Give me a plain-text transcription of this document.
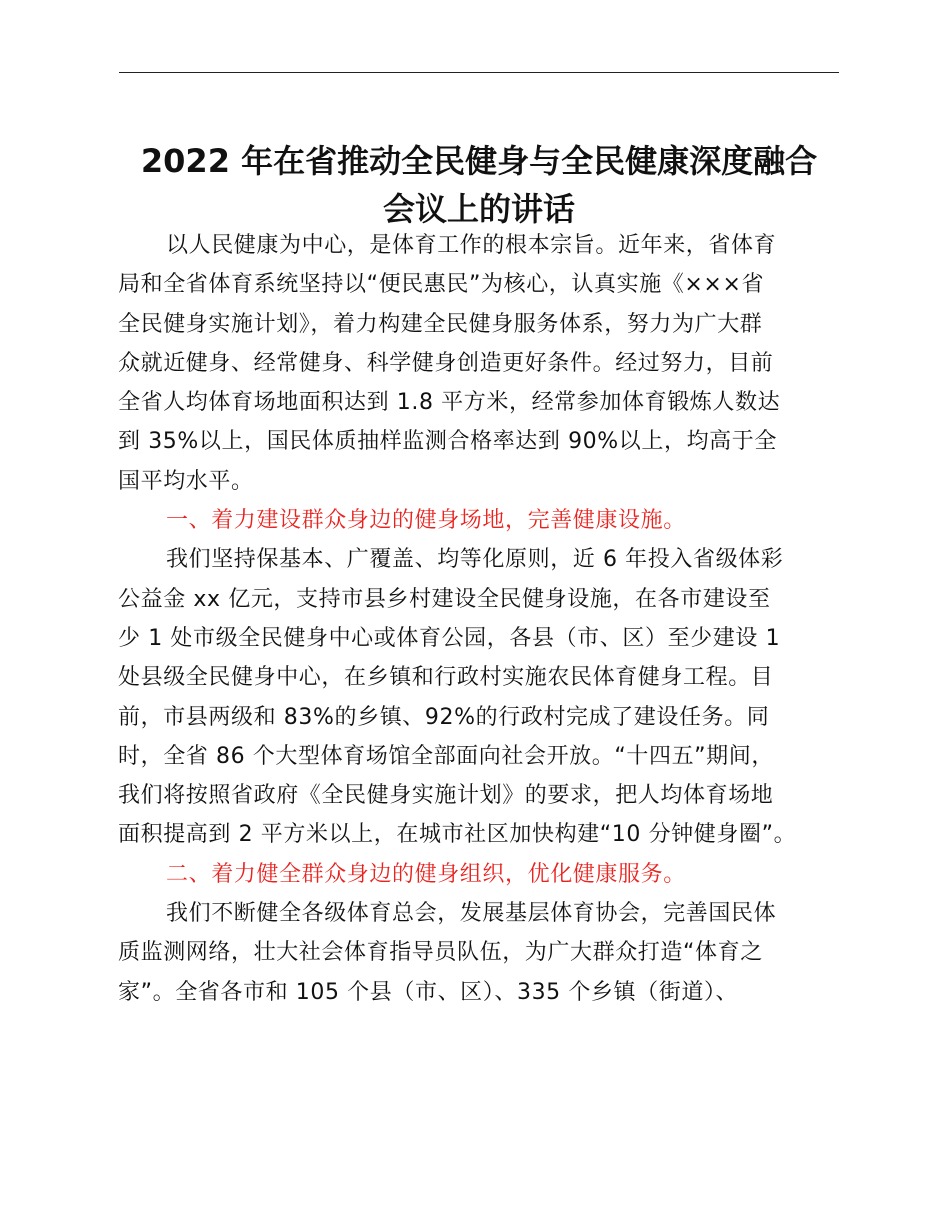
2022 年在省推动全民健身与全民健康深度融合
会议上的讲话
以人民健康为中心，是体育工作的根本宗旨。近年来，省体育
局和全省体育系统坚持以“便民惠民”为核心，认真实施《×××省
全民健身实施计划》，着力构建全民健身服务体系，努力为广大群
众就近健身、经常健身、科学健身创造更好条件。经过努力，目前
全省人均体育场地面积达到 1.8 平方米，经常参加体育锻炼人数达
到 35%以上，国民体质抽样监测合格率达到 90%以上，均高于全
国平均水平。
一、着力建设群众身边的健身场地，完善健康设施。
我们坚持保基本、广覆盖、均等化原则，近 6 年投入省级体彩
公益金 xx 亿元，支持市县乡村建设全民健身设施，在各市建设至
少 1 处市级全民健身中心或体育公园，各县（市、区）至少建设 1
处县级全民健身中心，在乡镇和行政村实施农民体育健身工程。目
前，市县两级和 83%的乡镇、92%的行政村完成了建设任务。同
时，全省 86 个大型体育场馆全部面向社会开放。“十四五”期间，
我们将按照省政府《全民健身实施计划》的要求，把人均体育场地
面积提高到 2 平方米以上，在城市社区加快构建“10 分钟健身圈”。
二、着力健全群众身边的健身组织，优化健康服务。
我们不断健全各级体育总会，发展基层体育协会，完善国民体
质监测网络，壮大社会体育指导员队伍，为广大群众打造“体育之
家”。全省各市和 105 个县（市、区）、335 个乡镇（街道）、
